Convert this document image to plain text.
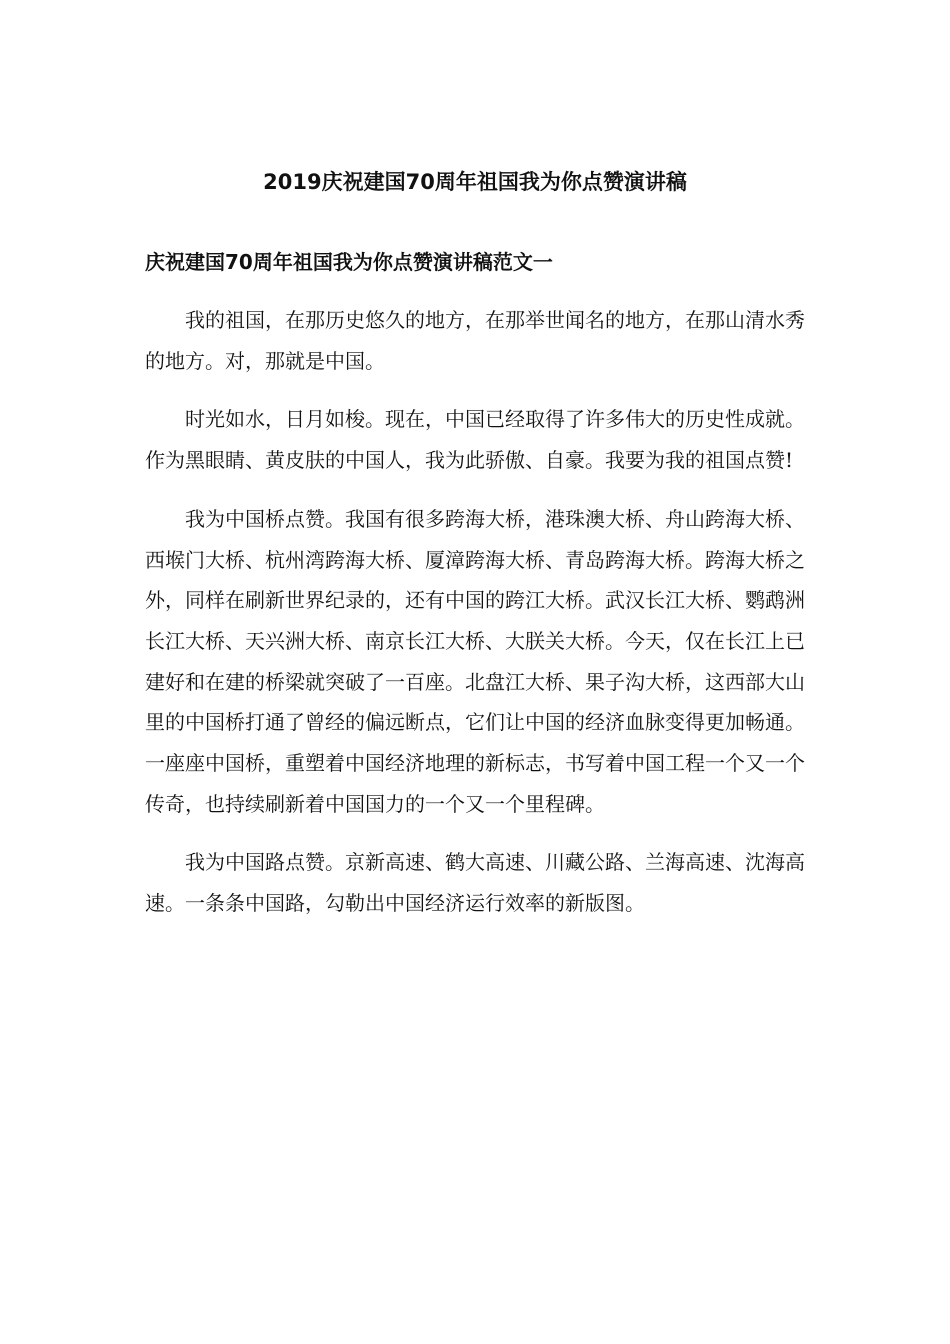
2019庆祝建国70周年祖国我为你点赞演讲稿
庆祝建国70周年祖国我为你点赞演讲稿范文一

我的祖国，在那历史悠久的地方，在那举世闻名的地方，在那山清水秀的地方。对，那就是中国。

时光如水，日月如梭。现在，中国已经取得了许多伟大的历史性成就。作为黑眼睛、黄皮肤的中国人，我为此骄傲、自豪。我要为我的祖国点赞!

我为中国桥点赞。我国有很多跨海大桥，港珠澳大桥、舟山跨海大桥、西堠门大桥、杭州湾跨海大桥、厦漳跨海大桥、青岛跨海大桥。跨海大桥之外，同样在刷新世界纪录的，还有中国的跨江大桥。武汉长江大桥、鹦鹉洲长江大桥、天兴洲大桥、南京长江大桥、大朕关大桥。今天，仅在长江上已建好和在建的桥梁就突破了一百座。北盘江大桥、果子沟大桥，这西部大山里的中国桥打通了曾经的偏远断点，它们让中国的经济血脉变得更加畅通。一座座中国桥，重塑着中国经济地理的新标志，书写着中国工程一个又一个传奇，也持续刷新着中国国力的一个又一个里程碑。

我为中国路点赞。京新高速、鹤大高速、川藏公路、兰海高速、沈海高速。一条条中国路，勾勒出中国经济运行效率的新版图。
